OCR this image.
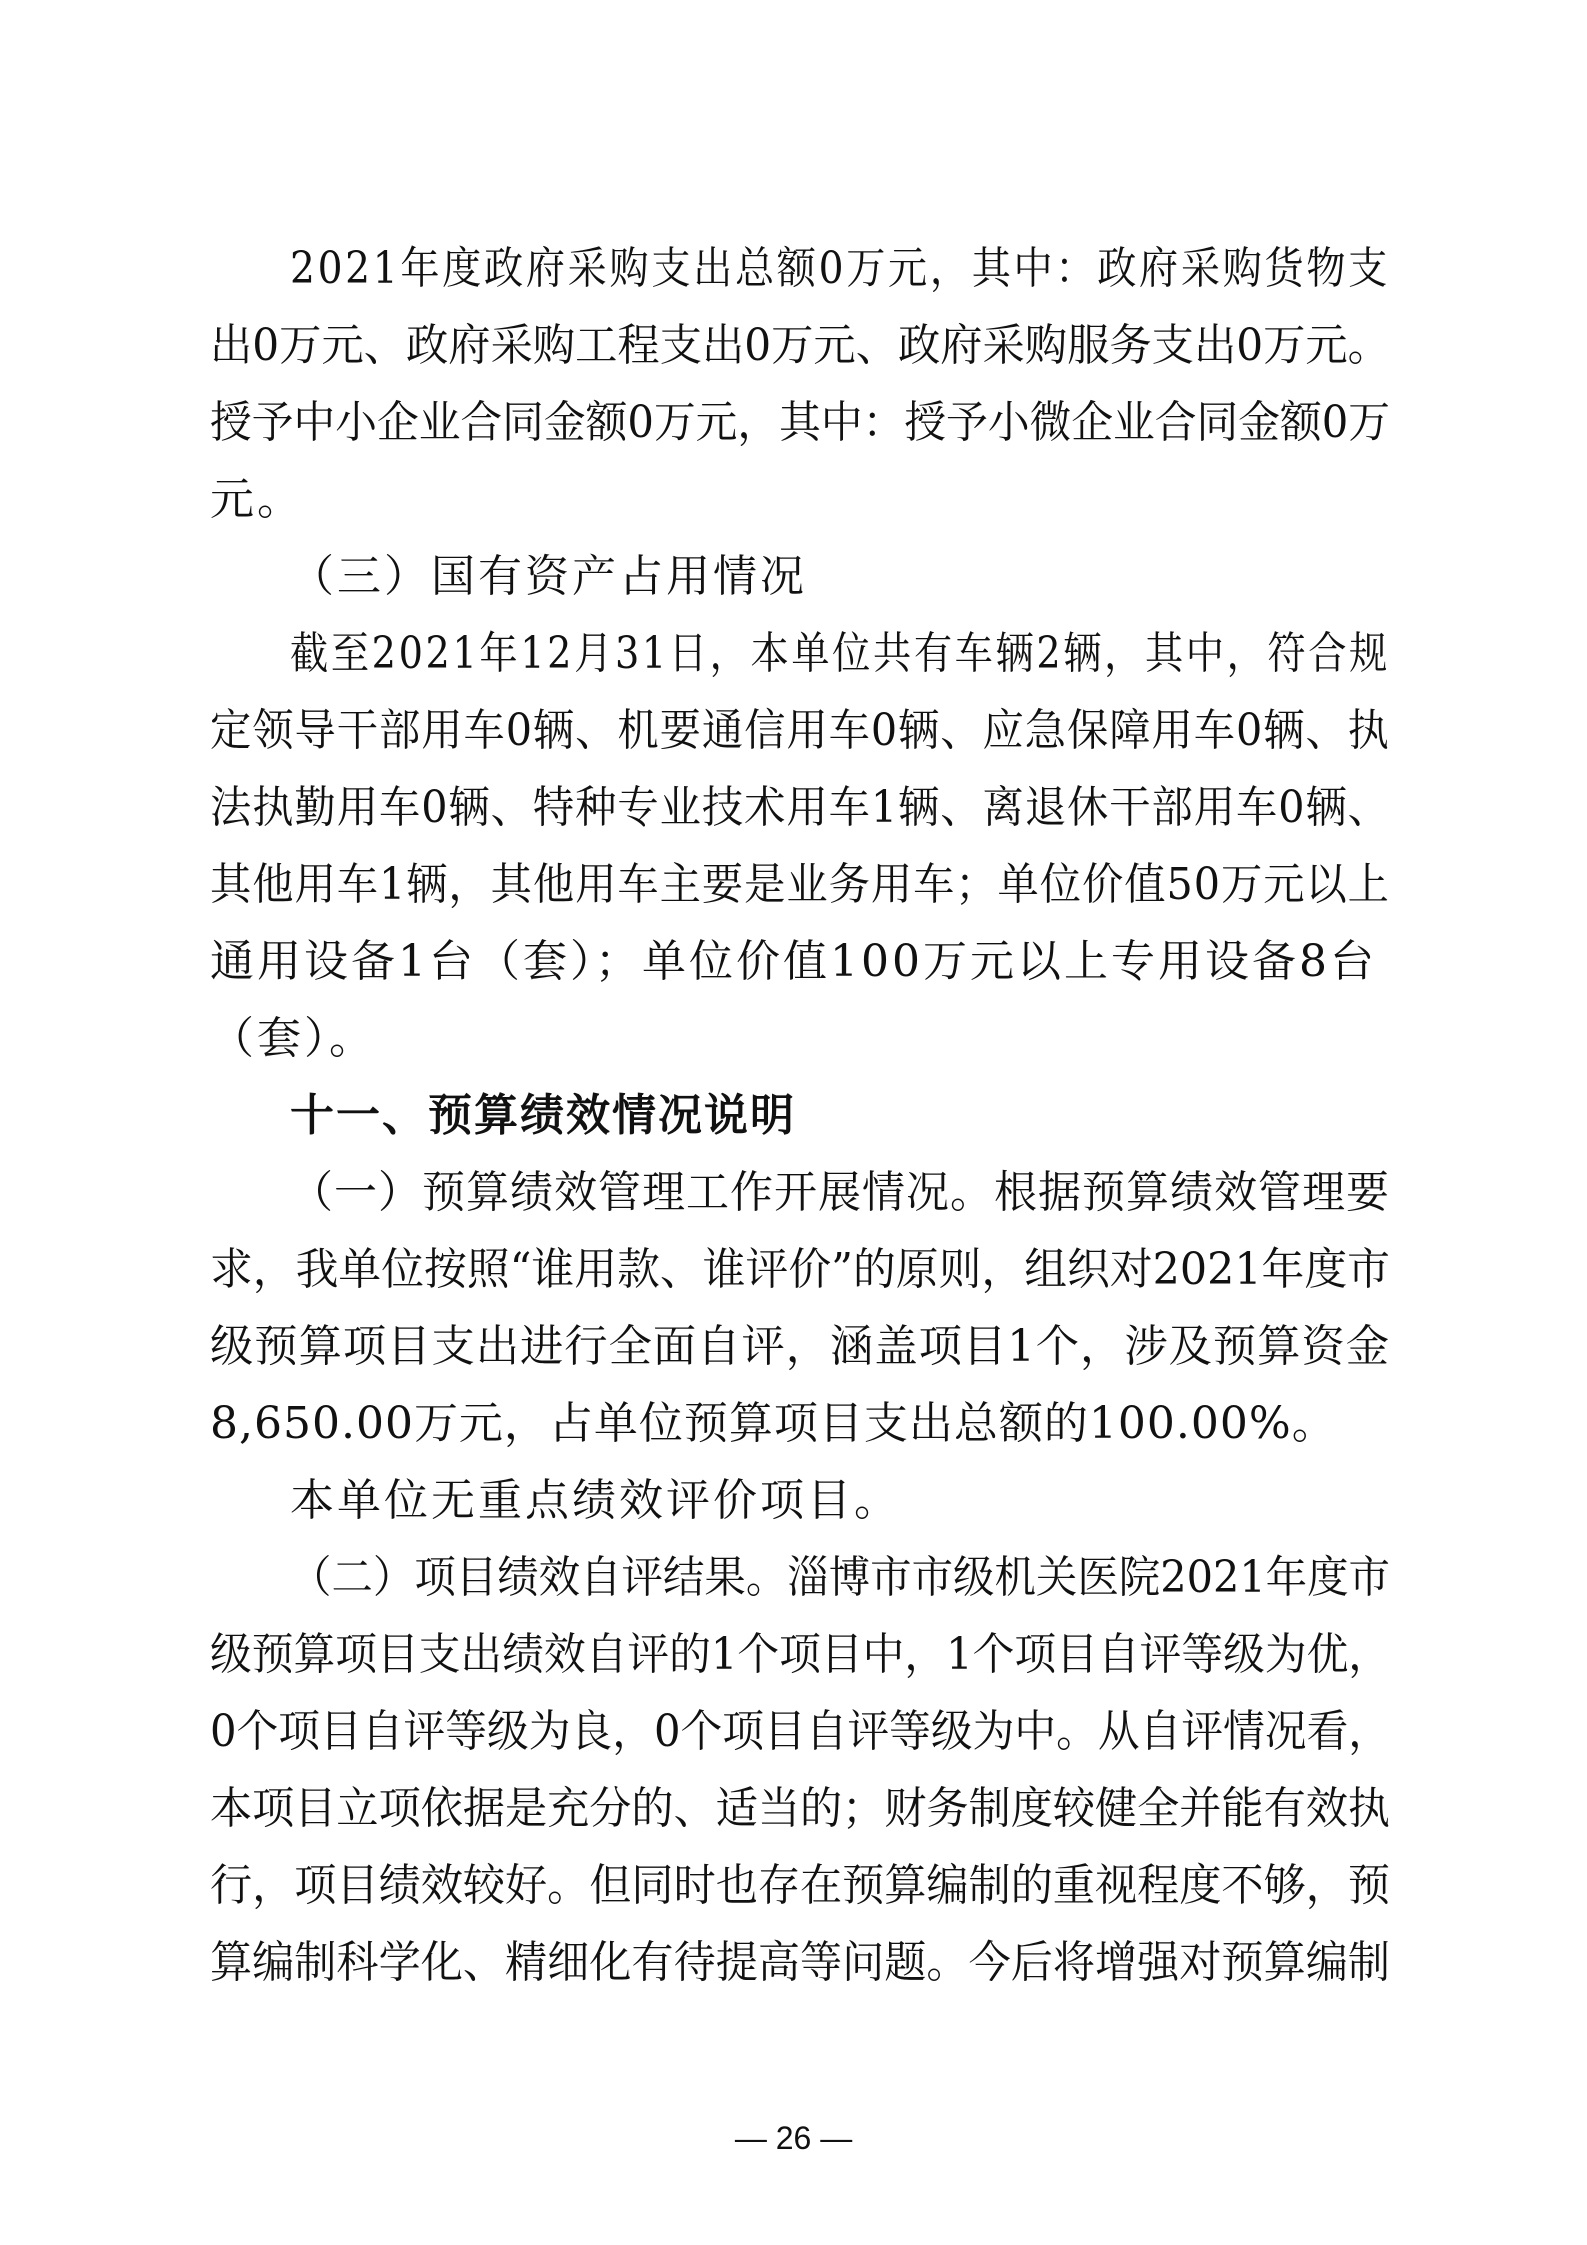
2021年度政府采购支出总额0万元，其中：政府采购货物支
出0万元、政府采购工程支出0万元、政府采购服务支出0万元。
授予中小企业合同金额0万元，其中：授予小微企业合同金额0万
元。
（三）国有资产占用情况
截至2021年12月31日，本单位共有车辆2辆，其中，符合规
定领导干部用车0辆、机要通信用车0辆、应急保障用车0辆、执
法执勤用车0辆、特种专业技术用车1辆、离退休干部用车0辆、
其他用车1辆，其他用车主要是业务用车；单位价值50万元以上
通用设备1台（套）；单位价值100万元以上专用设备8台
（套）。
十一、预算绩效情况说明
（一）预算绩效管理工作开展情况。根据预算绩效管理要
求，我单位按照“谁用款、谁评价”的原则，组织对2021年度市
级预算项目支出进行全面自评，涵盖项目1个，涉及预算资金
8,650.00万元，占单位预算项目支出总额的100.00%。
本单位无重点绩效评价项目。
（二）项目绩效自评结果。淄博市市级机关医院2021年度市
级预算项目支出绩效自评的1个项目中，1个项目自评等级为优，
0个项目自评等级为良，0个项目自评等级为中。从自评情况看，
本项目立项依据是充分的、适当的；财务制度较健全并能有效执
行，项目绩效较好。但同时也存在预算编制的重视程度不够，预
算编制科学化、精细化有待提高等问题。今后将增强对预算编制
— 26 —
